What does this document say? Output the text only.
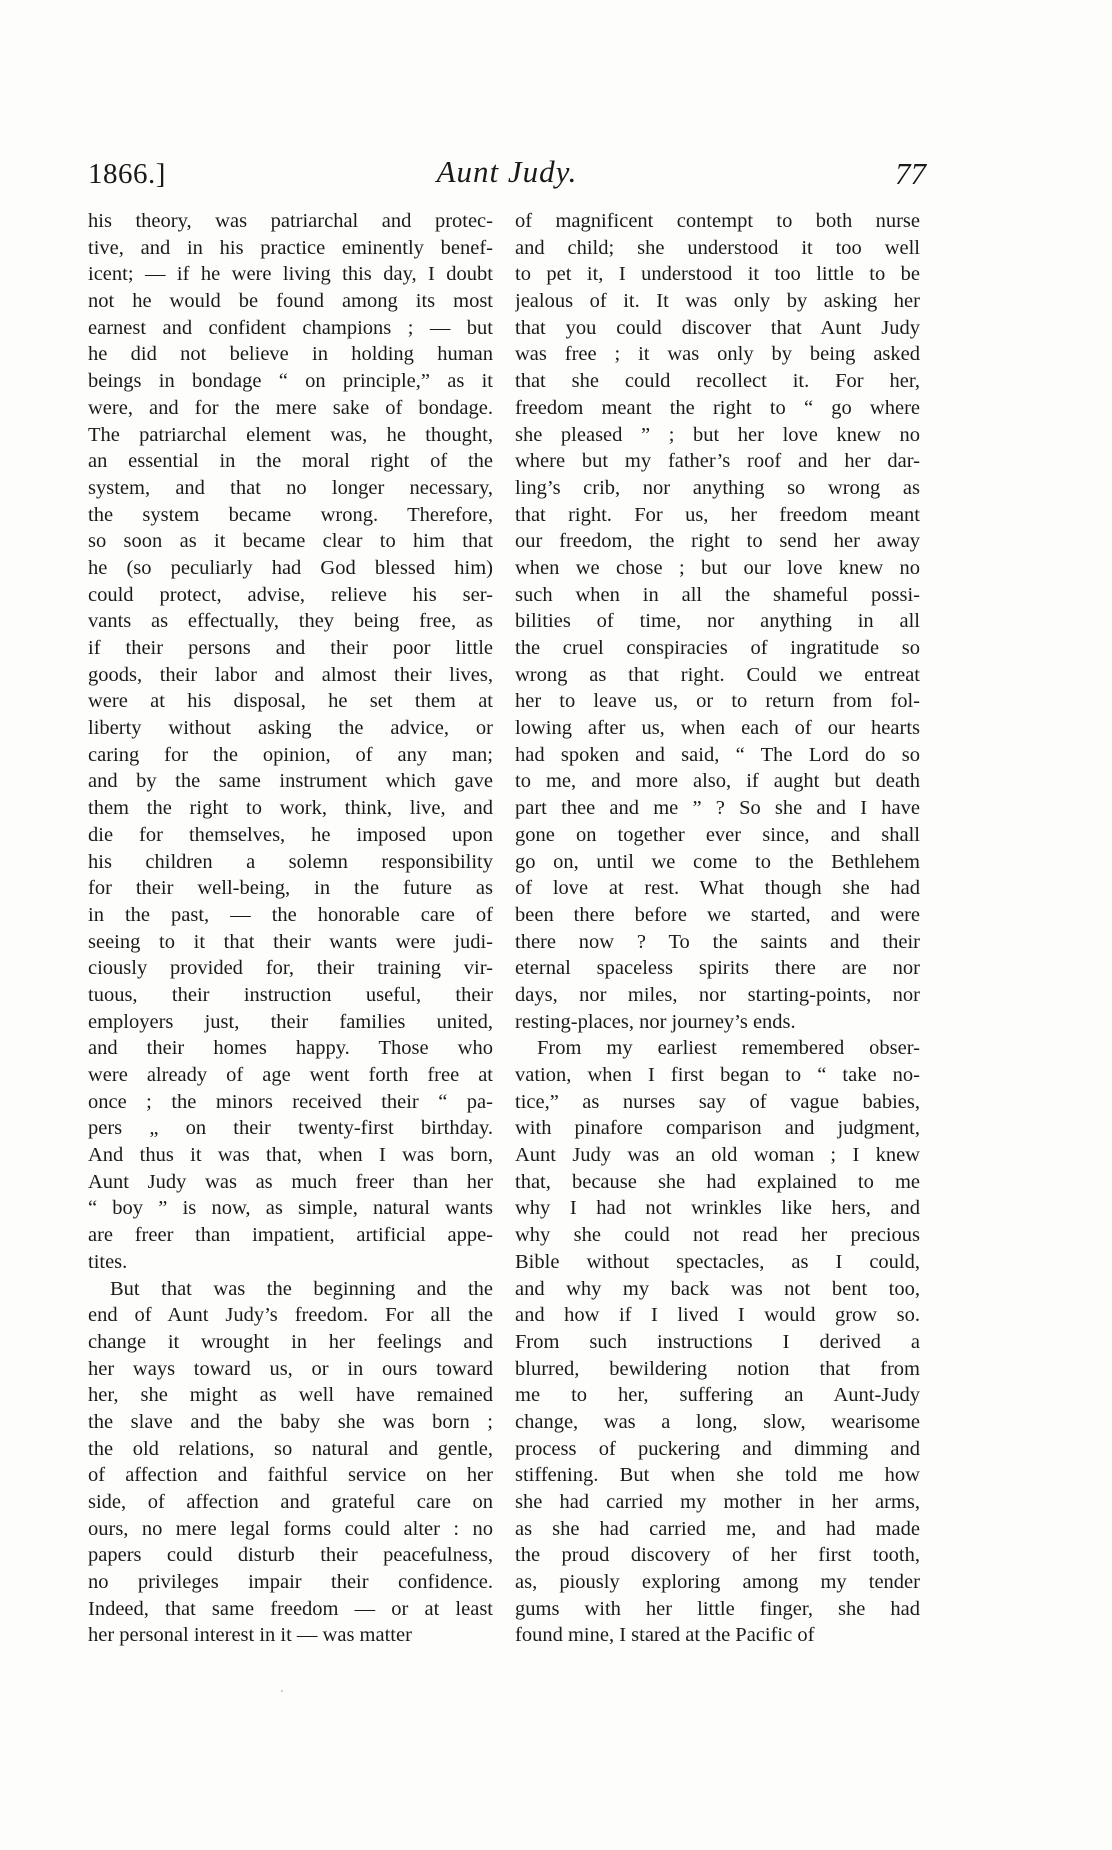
1866.]	Aunt Judy.	77
his theory, was patriarchal and protec-
tive, and in his practice eminently benef-
icent; — if he were living this day, I doubt
not he would be found among its most
earnest and confident champions ; — but
he did not believe in holding human
beings in bondage “ on principle,” as it
were, and for the mere sake of bondage.
The patriarchal element was, he thought,
an essential in the moral right of the
system, and that no longer necessary,
the system became wrong. Therefore,
so soon as it became clear to him that
he (so peculiarly had God blessed him)
could protect, advise, relieve his ser-
vants as effectually, they being free, as
if their persons and their poor little
goods, their labor and almost their lives,
were at his disposal, he set them at
liberty without asking the advice, or
caring for the opinion, of any man;
and by the same instrument which gave
them the right to work, think, live, and
die for themselves, he imposed upon
his children a solemn responsibility
for their well-being, in the future as
in the past, — the honorable care of
seeing to it that their wants were judi-
ciously provided for, their training vir-
tuous, their instruction useful, their
employers just, their families united,
and their homes happy. Those who
were already of age went forth free at
once ; the minors received their “ pa-
pers „ on their twenty-first birthday.
And thus it was that, when I was born,
Aunt Judy was as much freer than her
“ boy ” is now, as simple, natural wants
are freer than impatient, artificial appe-
tites.
But that was the beginning and the
end of Aunt Judy’s freedom. For all the
change it wrought in her feelings and
her ways toward us, or in ours toward
her, she might as well have remained
the slave and the baby she was born ;
the old relations, so natural and gentle,
of affection and faithful service on her
side, of affection and grateful care on
ours, no mere legal forms could alter : no
papers could disturb their peacefulness,
no privileges impair their confidence.
Indeed, that same freedom — or at least
her personal interest in it — was matter
of magnificent contempt to both nurse
and child; she understood it too well
to pet it, I understood it too little to be
jealous of it. It was only by asking her
that you could discover that Aunt Judy
was free ; it was only by being asked
that she could recollect it. For her,
freedom meant the right to “ go where
she pleased ” ; but her love knew no
where but my father’s roof and her dar-
ling’s crib, nor anything so wrong as
that right. For us, her freedom meant
our freedom, the right to send her away
when we chose ; but our love knew no
such when in all the shameful possi-
bilities of time, nor anything in all
the cruel conspiracies of ingratitude so
wrong as that right. Could we entreat
her to leave us, or to return from fol-
lowing after us, when each of our hearts
had spoken and said, “ The Lord do so
to me, and more also, if aught but death
part thee and me ” ? So she and I have
gone on together ever since, and shall
go on, until we come to the Bethlehem
of love at rest. What though she had
been there before we started, and were
there now ? To the saints and their
eternal spaceless spirits there are nor
days, nor miles, nor starting-points, nor
resting-places, nor journey’s ends.
From my earliest remembered obser-
vation, when I first began to “ take no-
tice,” as nurses say of vague babies,
with pinafore comparison and judgment,
Aunt Judy was an old woman ; I knew
that, because she had explained to me
why I had not wrinkles like hers, and
why she could not read her precious
Bible without spectacles, as I could,
and why my back was not bent too,
and how if I lived I would grow so.
From such instructions I derived a
blurred, bewildering notion that from
me to her, suffering an Aunt-Judy
change, was a long, slow, wearisome
process of puckering and dimming and
stiffening. But when she told me how
she had carried my mother in her arms,
as she had carried me, and had made
the proud discovery of her first tooth,
as, piously exploring among my tender
gums with her little finger, she had
found mine, I stared at the Pacific of
